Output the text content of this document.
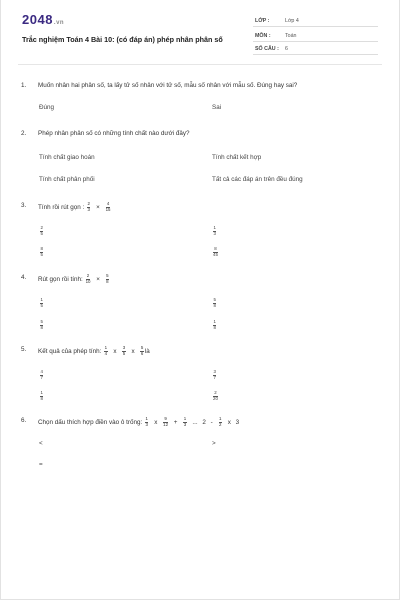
2048.vn
Trắc nghiệm Toán 4 Bài 10: (có đáp án) phép nhân phân số
LỚP :	Lớp 4
MÔN :	Toán
SỐ CÂU : 6
1.	Muốn nhân hai phân số, ta lấy tử số nhân với tử số, mẫu số nhân với mẫu số. Đúng hay sai?
Đúng	Sai
2.	Phép nhân phân số có những tính chất nào dưới đây?
Tính chất giao hoán	Tính chất kết hợp
Tính chất phân phối	Tất cả các đáp án trên đều đúng
3.	Tính rồi rút gọn : $\frac{2}{3} \times \frac{4}{15}$
$\frac{2}{5}$	$\frac{1}{3}$
$\frac{8}{5}$	$\frac{8}{45}$
4.	Rút gọn rồi tính: $\frac{2}{10} \times \frac{5}{8}$
$\frac{1}{5}$	$\frac{5}{8}$
$\frac{5}{8}$	$\frac{1}{8}$
5.	Kết quả của phép tính: $\frac{1}{4}$ x $\frac{3}{5}$ x $\frac{5}{6}$ là
$\frac{4}{7}$	$\frac{3}{7}$
$\frac{1}{8}$	$\frac{2}{20}$
6.	Chọn dấu thích hợp điền vào ô trống: $\frac{1}{3}$ x $\frac{9}{12} + \frac{1}{3}$ ... $2 - \frac{1}{2}$ x 3
<	>
=
